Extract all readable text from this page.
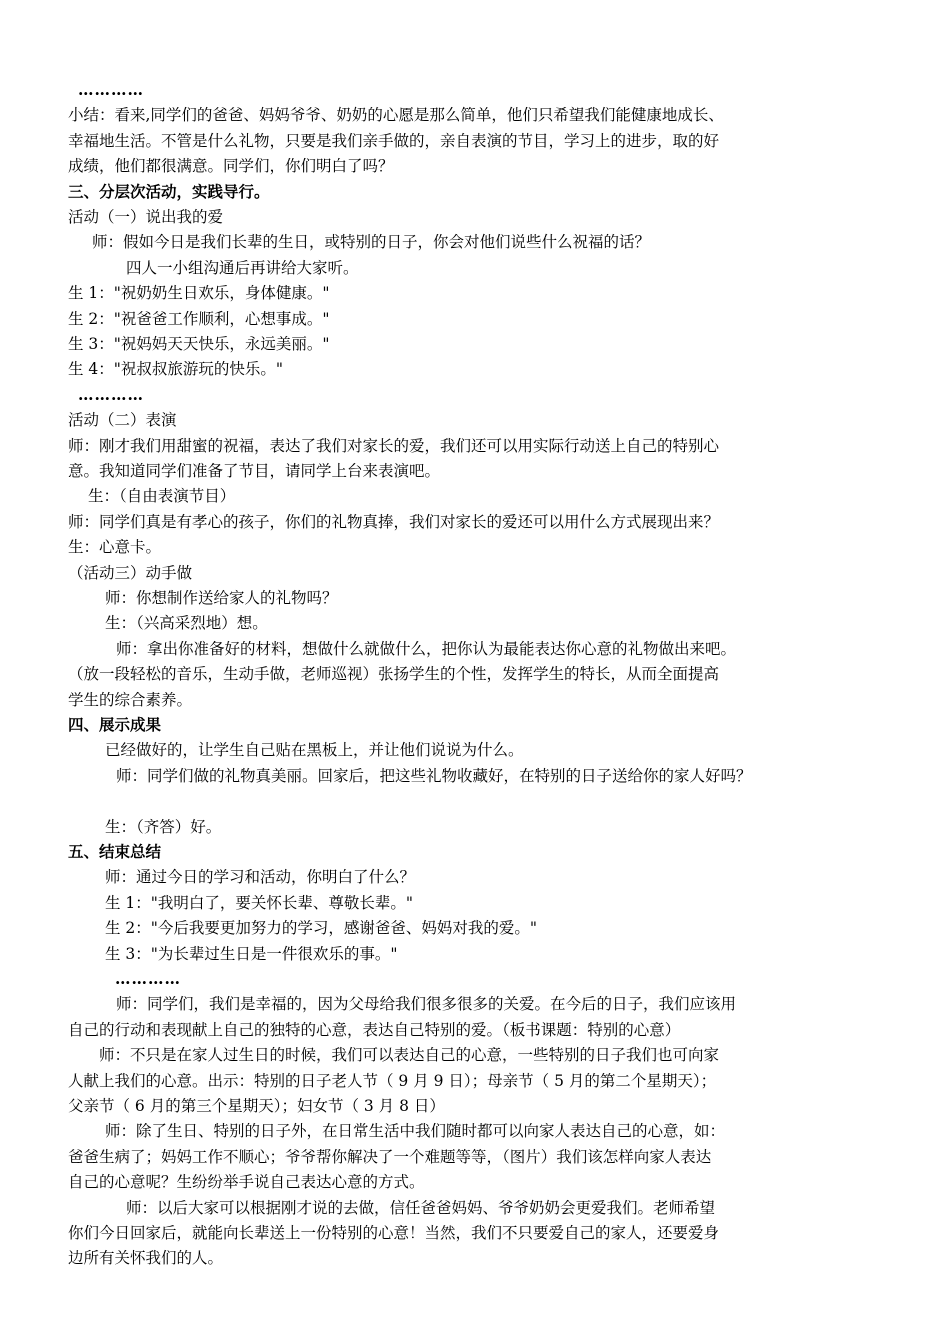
…………
小结：看来,同学们的爸爸、妈妈爷爷、奶奶的心愿是那么简单，他们只希望我们能健康地成长、
幸福地生活。不管是什么礼物，只要是我们亲手做的，亲自表演的节目，学习上的进步，取的好
成绩，他们都很满意。同学们，你们明白了吗？
三、分层次活动，实践导行。
活动（一）说出我的爱
师：假如今日是我们长辈的生日，或特别的日子，你会对他们说些什么祝福的话？
四人一小组沟通后再讲给大家听。
生 1："祝奶奶生日欢乐，身体健康。"
生 2："祝爸爸工作顺利，心想事成。"
生 3："祝妈妈天天快乐，永远美丽。"
生 4："祝叔叔旅游玩的快乐。"
…………
活动（二）表演
师：刚才我们用甜蜜的祝福，表达了我们对家长的爱，我们还可以用实际行动送上自己的特别心
意。我知道同学们准备了节目，请同学上台来表演吧。
生：（自由表演节目）
师：同学们真是有孝心的孩子，你们的礼物真捧，我们对家长的爱还可以用什么方式展现出来？
生：心意卡。
（活动三）动手做
师：你想制作送给家人的礼物吗？
生：（兴高采烈地）想。
师：拿出你准备好的材料，想做什么就做什么，把你认为最能表达你心意的礼物做出来吧。
（放一段轻松的音乐，生动手做，老师巡视）张扬学生的个性，发挥学生的特长，从而全面提高
学生的综合素养。
四、展示成果
已经做好的，让学生自己贴在黑板上，并让他们说说为什么。
师：同学们做的礼物真美丽。回家后，把这些礼物收藏好，在特别的日子送给你的家人好吗？
生：（齐答）好。
五、结束总结
师：通过今日的学习和活动，你明白了什么？
生 1："我明白了，要关怀长辈、尊敬长辈。"
生 2："今后我要更加努力的学习，感谢爸爸、妈妈对我的爱。"
生 3："为长辈过生日是一件很欢乐的事。"
…………
师：同学们，我们是幸福的，因为父母给我们很多很多的关爱。在今后的日子，我们应该用
自己的行动和表现献上自己的独特的心意，表达自己特别的爱。（板书课题：特别的心意）
师：不只是在家人过生日的时候，我们可以表达自己的心意，一些特别的日子我们也可向家
人献上我们的心意。出示：特别的日子老人节（ 9 月 9 日）；母亲节（ 5 月的第二个星期天）；
父亲节（ 6 月的第三个星期天）；妇女节（ 3 月 8 日）
师：除了生日、特别的日子外，在日常生活中我们随时都可以向家人表达自己的心意，如：
爸爸生病了；妈妈工作不顺心；爷爷帮你解决了一个难题等等，（图片）我们该怎样向家人表达
自己的心意呢？生纷纷举手说自己表达心意的方式。
师：以后大家可以根据刚才说的去做，信任爸爸妈妈、爷爷奶奶会更爱我们。老师希望
你们今日回家后，就能向长辈送上一份特别的心意！当然，我们不只要爱自己的家人，还要爱身
边所有关怀我们的人。
